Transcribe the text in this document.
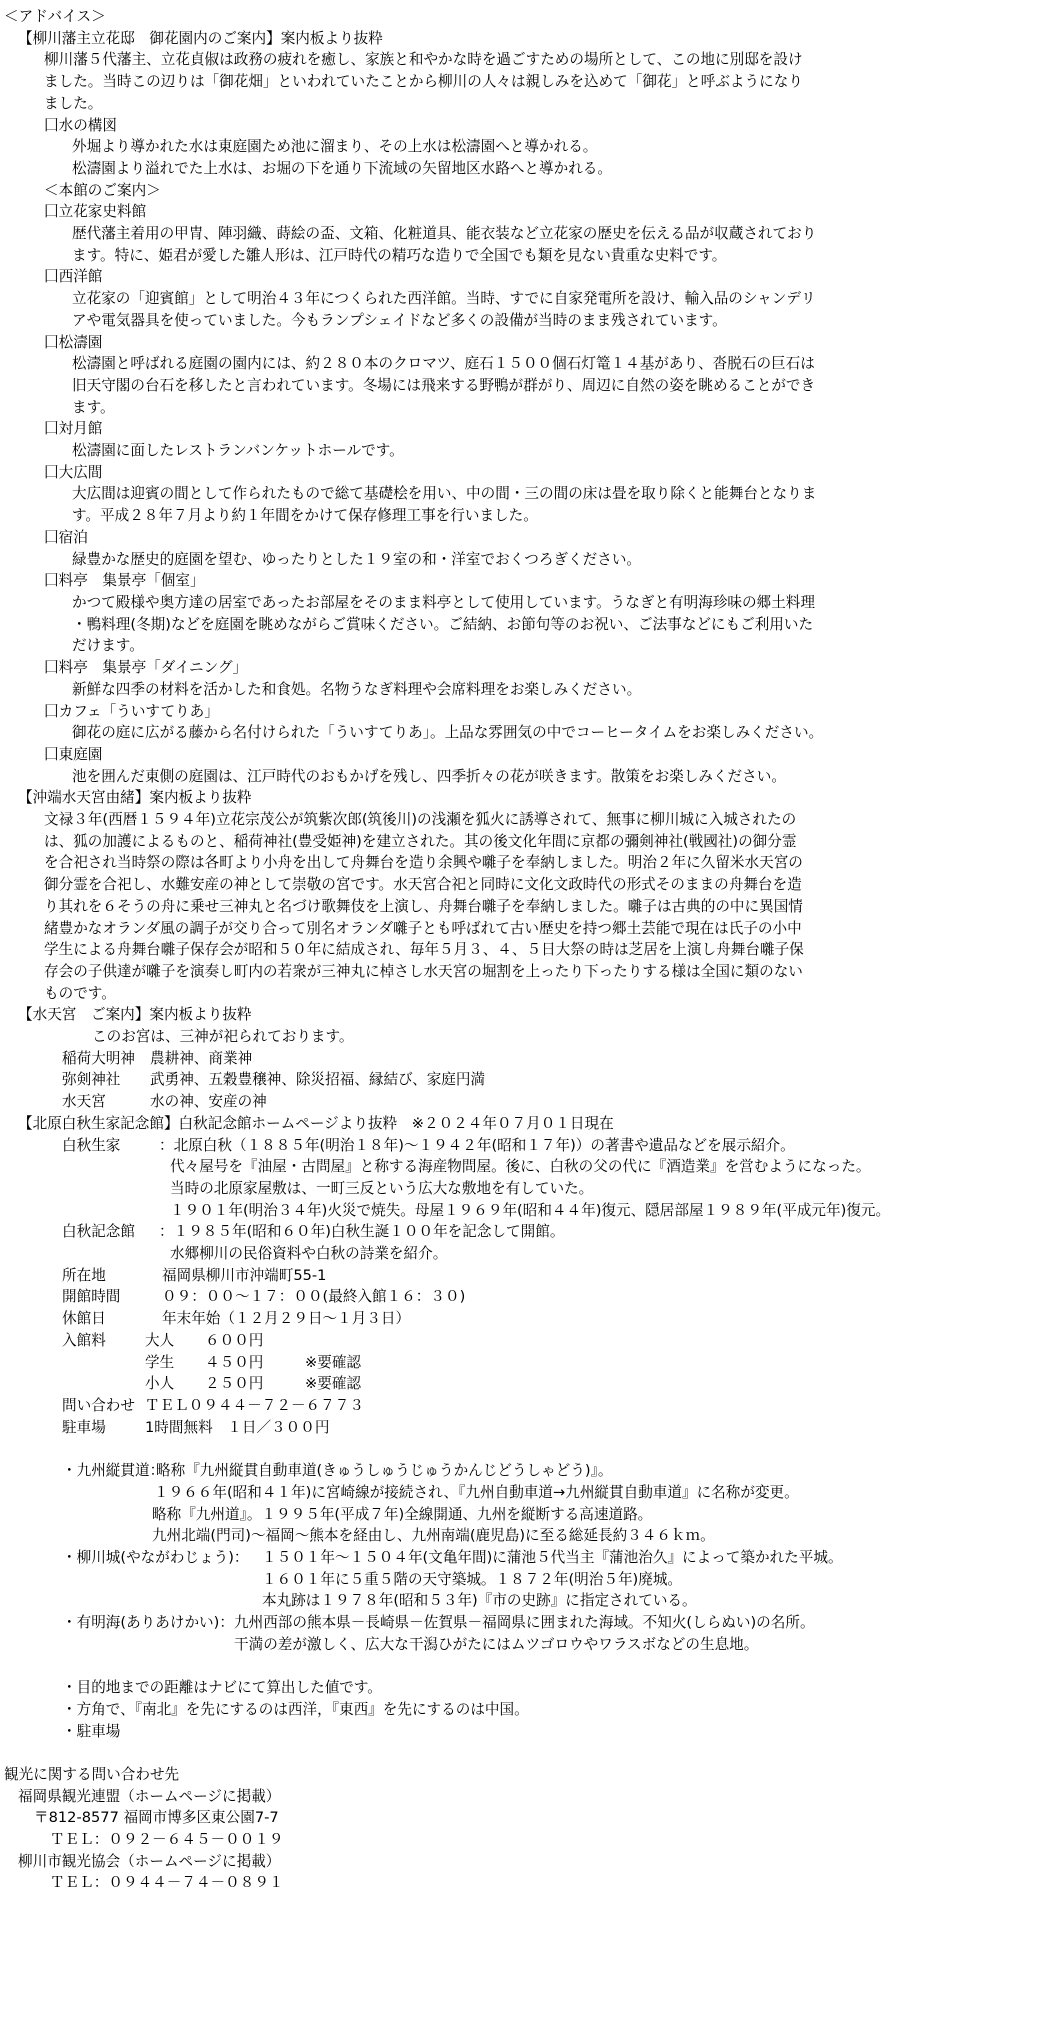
＜アドバイス＞
【柳川藩主立花邸　御花園内のご案内】案内板より抜粋
柳川藩５代藩主、立花貞俶は政務の疲れを癒し、家族と和やかな時を過ごすための場所として、この地に別邸を設け
ました。当時この辺りは「御花畑」といわれていたことから柳川の人々は親しみを込めて「御花」と呼ぶようになり
ました。
囗水の構図
外堀より導かれた水は東庭園ため池に溜まり、その上水は松濤園へと導かれる。
松濤園より溢れでた上水は、お堀の下を通り下流域の矢留地区水路へと導かれる。
＜本館のご案内＞
囗立花家史料館
歴代藩主着用の甲冑、陣羽織、蒔絵の盃、文箱、化粧道具、能衣装など立花家の歴史を伝える品が収蔵されており
ます。特に、姫君が愛した雛人形は、江戸時代の精巧な造りで全国でも類を見ない貴重な史料です。
囗西洋館
立花家の「迎賓館」として明治４３年につくられた西洋館。当時、すでに自家発電所を設け、輸入品のシャンデリ
アや電気器具を使っていました。今もランプシェイドなど多くの設備が当時のまま残されています。
囗松濤園
松濤園と呼ばれる庭園の園内には、約２８０本のクロマツ、庭石１５００個石灯篭１４基があり、沓脱石の巨石は
旧天守閣の台石を移したと言われています。冬場には飛来する野鴨が群がり、周辺に自然の姿を眺めることができ
ます。
囗対月館
松濤園に面したレストランバンケットホールです。
囗大広間
大広間は迎賓の間として作られたもので総て基礎桧を用い、中の間・三の間の床は畳を取り除くと能舞台となりま
す。平成２８年７月より約１年間をかけて保存修理工事を行いました。
囗宿泊
緑豊かな歴史的庭園を望む、ゆったりとした１９室の和・洋室でおくつろぎください。
囗料亭　集景亭「個室」
かつて殿様や奥方達の居室であったお部屋をそのまま料亭として使用しています。うなぎと有明海珍味の郷土料理
・鴨料理(冬期)などを庭園を眺めながらご賞味ください。ご結納、お節句等のお祝い、ご法事などにもご利用いた
だけます。
囗料亭　集景亭「ダイニング」
新鮮な四季の材料を活かした和食処。名物うなぎ料理や会席料理をお楽しみください。
囗カフェ「ういすてりあ」
御花の庭に広がる藤から名付けられた「ういすてりあ」。上品な雰囲気の中でコーヒータイムをお楽しみください。
囗東庭園
池を囲んだ東側の庭園は、江戸時代のおもかげを残し、四季折々の花が咲きます。散策をお楽しみください。
【沖端水天宮由緒】案内板より抜粋
文禄３年(西暦１５９４年)立花宗茂公が筑紫次郎(筑後川)の浅瀬を狐火に誘導されて、無事に柳川城に入城されたの
は、狐の加護によるものと、稲荷神社(豊受姫神)を建立された。其の後文化年間に京都の彌剣神社(戦國社)の御分霊
を合祀され当時祭の際は各町より小舟を出して舟舞台を造り余興や囃子を奉納しました。明治２年に久留米水天宮の
御分霊を合祀し、水難安産の神として崇敬の宮です。水天宮合祀と同時に文化文政時代の形式そのままの舟舞台を造
り其れを６そうの舟に乗せ三神丸と名づけ歌舞伎を上演し、舟舞台囃子を奉納しました。囃子は古典的の中に異国情
緒豊かなオランダ風の調子が交り合って別名オランダ囃子とも呼ばれて古い歴史を持つ郷土芸能で現在は氏子の小中
学生による舟舞台囃子保存会が昭和５０年に結成され、毎年５月３、４、５日大祭の時は芝居を上演し舟舞台囃子保
存会の子供達が囃子を演奏し町内の若衆が三神丸に棹さし水天宮の堀割を上ったり下ったりする様は全国に類のない
ものです。
【水天宮　ご案内】案内板より抜粋
このお宮は、三神が祀られております。
稲荷大明神	農耕神、商業神
弥剣神社	武勇神、五穀豊穣神、除災招福、縁結び、家庭円満
水天宮	水の神、安産の神
【北原白秋生家記念館】白秋記念館ホームページより抜粋　※２０２４年０７月０１日現在
白秋生家	：北原白秋（１８８５年(明治１８年)～１９４２年(昭和１７年)）の著書や遺品などを展示紹介。
代々屋号を『油屋・古問屋』と称する海産物問屋。後に、白秋の父の代に『酒造業』を営むようになった。
当時の北原家屋敷は、一町三反という広大な敷地を有していた。
１９０１年(明治３４年)火災で焼失。母屋１９６９年(昭和４４年)復元、隠居部屋１９８９年(平成元年)復元。
白秋記念館	：１９８５年(昭和６０年)白秋生誕１００年を記念して開館。
水郷柳川の民俗資料や白秋の詩業を紹介。
所在地	福岡県柳川市沖端町55-1
開館時間	０９：００～１７：００(最終入館１６：３０)
休館日	年末年始（１２月２９日～１月３日）
入館料	大人	６００円
学生	４５０円	※要確認
小人	２５０円	※要確認
問い合わせ ＴＥＬ０９４４－７２－６７７３
駐車場	1時間無料　１日／３００円
・九州縦貫道：
略称『九州縦貫自動車道(きゅうしゅうじゅうかんじどうしゃどう)』。
１９６６年(昭和４１年)に宮崎線が接続され、『九州自動車道→九州縦貫自動車道』に名称が変更。
略称『九州道』。１９９５年(平成７年)全線開通、九州を縦断する高速道路。
九州北端(門司)～福岡～熊本を経由し、九州南端(鹿児島)に至る総延長約３４６ｋｍ。
・柳川城(やながわじょう)： １５０１年～１５０４年(文亀年間)に蒲池５代当主『蒲池治久』によって築かれた平城。
１６０１年に５重５階の天守築城。１８７２年(明治５年)廃城。
本丸跡は１９７８年(昭和５３年)『市の史跡』に指定されている。
・有明海(ありあけかい)： 九州西部の熊本県－長崎県－佐賀県－福岡県に囲まれた海域。不知火(しらぬい)の名所。
干満の差が激しく、広大な干潟ひがたにはムツゴロウやワラスボなどの生息地。
・目的地までの距離はナビにて算出した値です。
・方角で、『南北』を先にするのは西洋，『東西』を先にするのは中国。
・駐車場
観光に関する問い合わせ先
福岡県観光連盟（ホームページに掲載）
〒812-8577 福岡市博多区東公園7-7
ＴＥＬ：０９２－６４５－００１９
柳川市観光協会（ホームページに掲載）
ＴＥＬ：０９４４－７４－０８９１
